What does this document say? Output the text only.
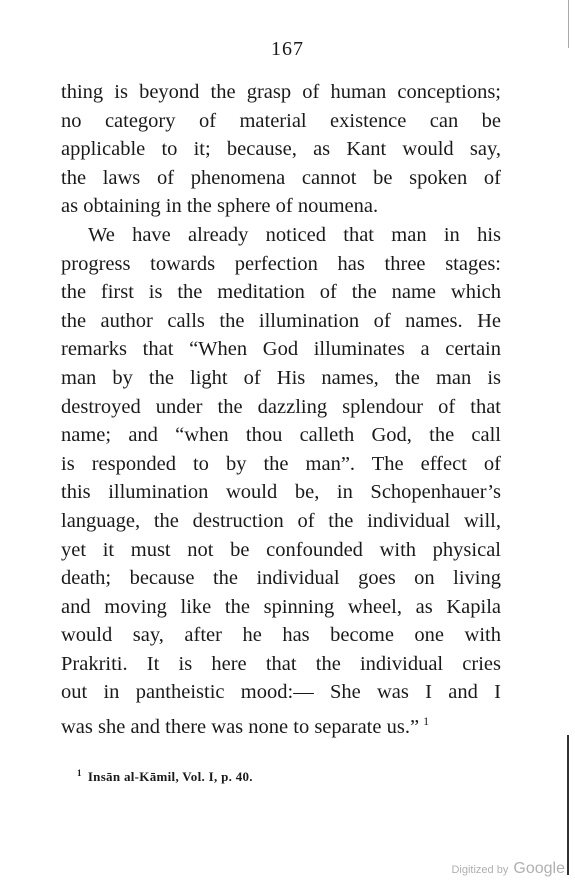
167
thing is beyond the grasp of human conceptions;
no category of material existence can be
applicable to it; because, as Kant would say,
the laws of phenomena cannot be spoken of
as obtaining in the sphere of noumena.
We have already noticed that man in his
progress towards perfection has three stages:
the first is the meditation of the name which
the author calls the illumination of names. He
remarks that “When God illuminates a certain
man by the light of His names, the man is
destroyed under the dazzling splendour of that
name; and “when thou calleth God, the call
is responded to by the man”. The effect of
this illumination would be, in Schopenhauer’s
language, the destruction of the individual will,
yet it must not be confounded with physical
death; because the individual goes on living
and moving like the spinning wheel, as Kapila
would say, after he has become one with
Prakriti. It is here that the individual cries
out in pantheistic mood:— She was I and I
was she and there was none to separate us.” $^1$
$^1$ Insān al-Kāmil, Vol. I, p. 40.
Digitized by Google
